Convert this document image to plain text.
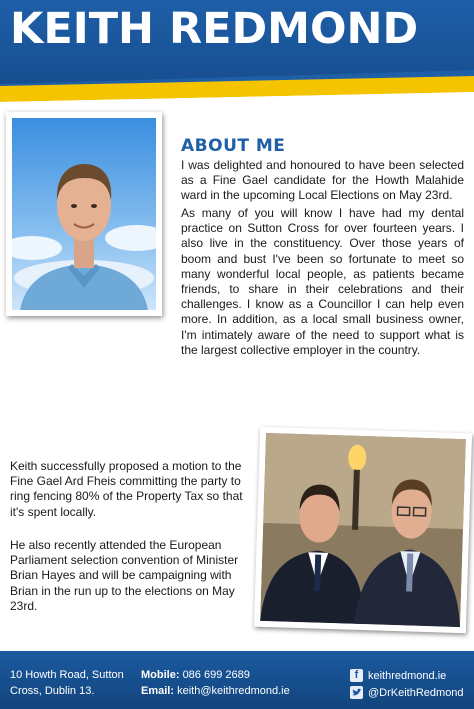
KEITH REDMOND
ABOUT ME

I was delighted and honoured to have been selected as a Fine Gael candidate for the Howth Malahide ward in the upcoming Local Elections on May 23rd.

As many of you will know I have had my dental practice on Sutton Cross for over fourteen years. I also live in the constituency. Over those years of boom and bust I've been so fortunate to meet so many wonderful local people, as patients became friends, to share in their celebrations and their challenges. I know as a Councillor I can help even more. In addition, as a local small business owner, I'm intimately aware of the need to support what is the largest collective employer in the country.

Keith successfully proposed a motion to the Fine Gael Ard Fheis committing the party to ring fencing 80% of the Property Tax so that it's spent locally.

He also recently attended the European Parliament selection convention of Minister Brian Hayes and will be campaigning with Brian in the run up to the elections on May 23rd.

10 Howth Road, Sutton
Cross, Dublin 13.
Mobile: 086 699 2689
Email: keith@keithredmond.ie
f keithredmond.ie
@DrKeithRedmond
